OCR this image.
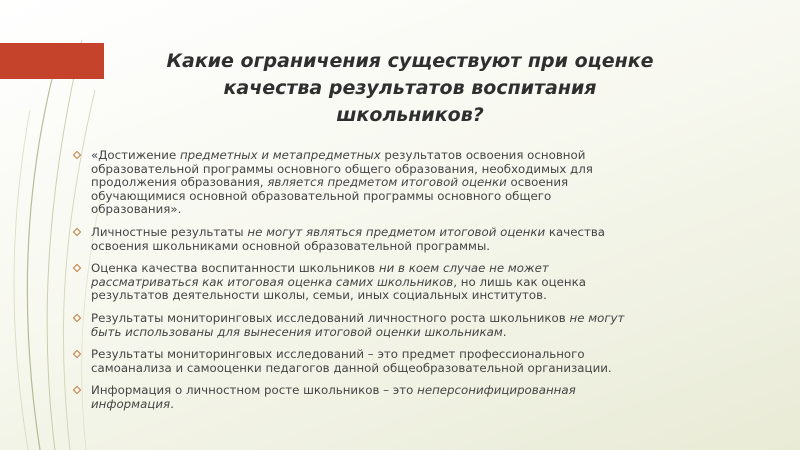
Какие ограничения существуют при оценке
качества результатов воспитания
школьников?
«Достижение предметных и метапредметных результатов освоения основной
образовательной программы основного общего образования, необходимых для
продолжения образования, является предметом итоговой оценки освоения
обучающимися основной образовательной программы основного общего
образования».
Личностные результаты не могут являться предметом итоговой оценки качества
освоения школьниками основной образовательной программы.
Оценка качества воспитанности школьников ни в коем случае не может
рассматриваться как итоговая оценка самих школьников, но лишь как оценка
результатов деятельности школы, семьи, иных социальных институтов.
Результаты мониторинговых исследований личностного роста школьников не могут
быть использованы для вынесения итоговой оценки школьникам.
Результаты мониторинговых исследований – это предмет профессионального
самоанализа и самооценки педагогов данной общеобразовательной организации.
Информация о личностном росте школьников – это неперсонифицированная
информация.
